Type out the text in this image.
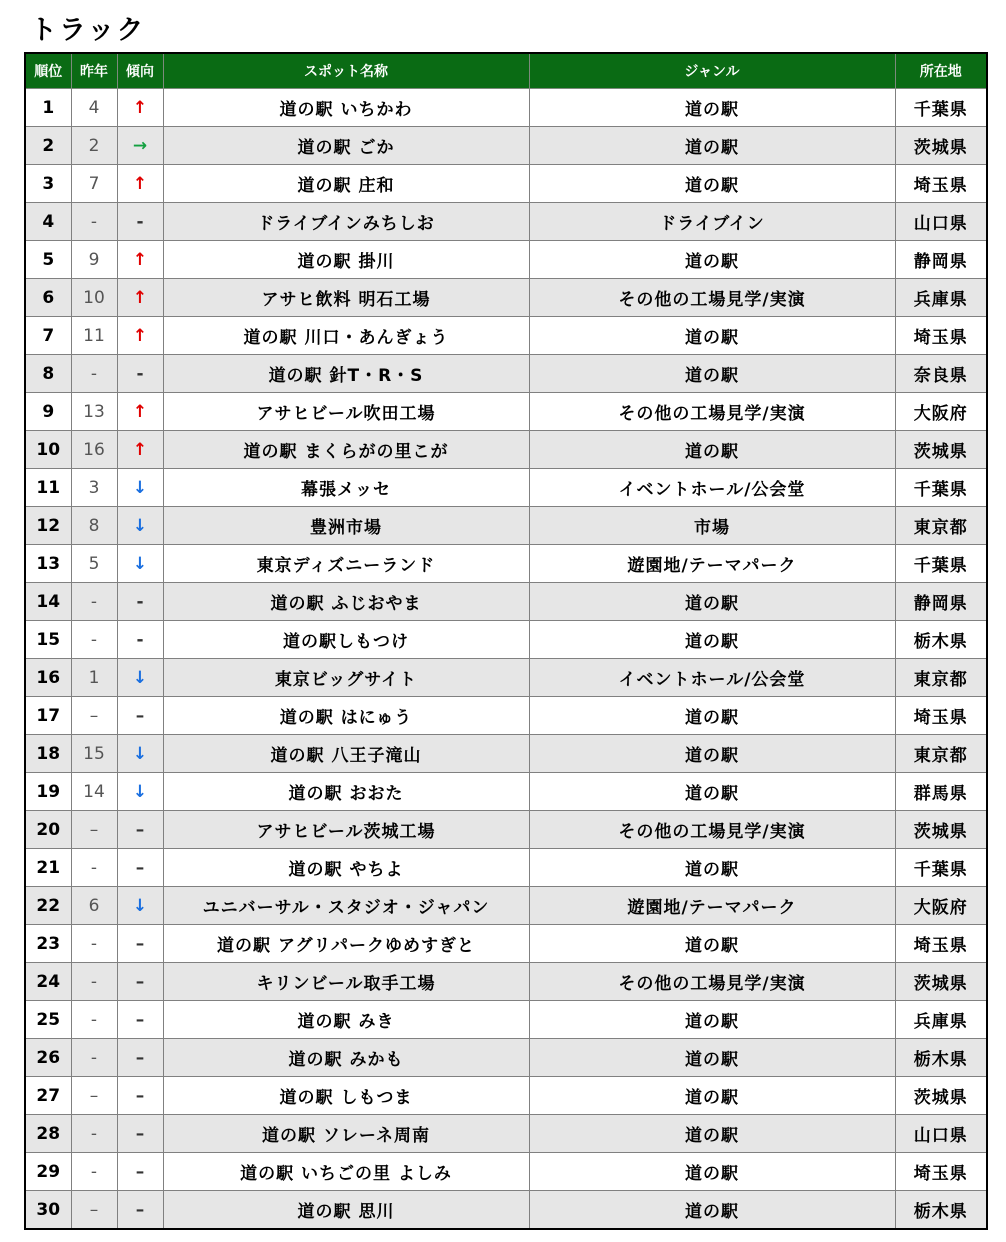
トラック
順位	昨年	傾向	スポット名称	ジャンル	所在地
1	4	↑	道の駅 いちかわ	道の駅	千葉県
2	2	→	道の駅 ごか	道の駅	茨城県
3	7	↑	道の駅 庄和	道の駅	埼玉県
4	-	-	ドライブインみちしお	ドライブイン	山口県
5	9	↑	道の駅 掛川	道の駅	静岡県
6	10	↑	アサヒ飲料 明石工場	その他の工場見学/実演	兵庫県
7	11	↑	道の駅 川口・あんぎょう	道の駅	埼玉県
8	-	-	道の駅 針T・R・S	道の駅	奈良県
9	13	↑	アサヒビール吹田工場	その他の工場見学/実演	大阪府
10	16	↑	道の駅 まくらがの里こが	道の駅	茨城県
11	3	↓	幕張メッセ	イベントホール/公会堂	千葉県
12	8	↓	豊洲市場	市場	東京都
13	5	↓	東京ディズニーランド	遊園地/テーマパーク	千葉県
14	-	-	道の駅 ふじおやま	道の駅	静岡県
15	-	-	道の駅しもつけ	道の駅	栃木県
16	1	↓	東京ビッグサイト	イベントホール/公会堂	東京都
17	–	–	道の駅 はにゅう	道の駅	埼玉県
18	15	↓	道の駅 八王子滝山	道の駅	東京都
19	14	↓	道の駅 おおた	道の駅	群馬県
20	–	–	アサヒビール茨城工場	その他の工場見学/実演	茨城県
21	-	–	道の駅 やちよ	道の駅	千葉県
22	6	↓	ユニバーサル・スタジオ・ジャパン	遊園地/テーマパーク	大阪府
23	-	–	道の駅 アグリパークゆめすぎと	道の駅	埼玉県
24	-	–	キリンビール取手工場	その他の工場見学/実演	茨城県
25	-	–	道の駅 みき	道の駅	兵庫県
26	-	–	道の駅 みかも	道の駅	栃木県
27	–	–	道の駅 しもつま	道の駅	茨城県
28	-	–	道の駅 ソレーネ周南	道の駅	山口県
29	-	–	道の駅 いちごの里 よしみ	道の駅	埼玉県
30	–	–	道の駅 思川	道の駅	栃木県
